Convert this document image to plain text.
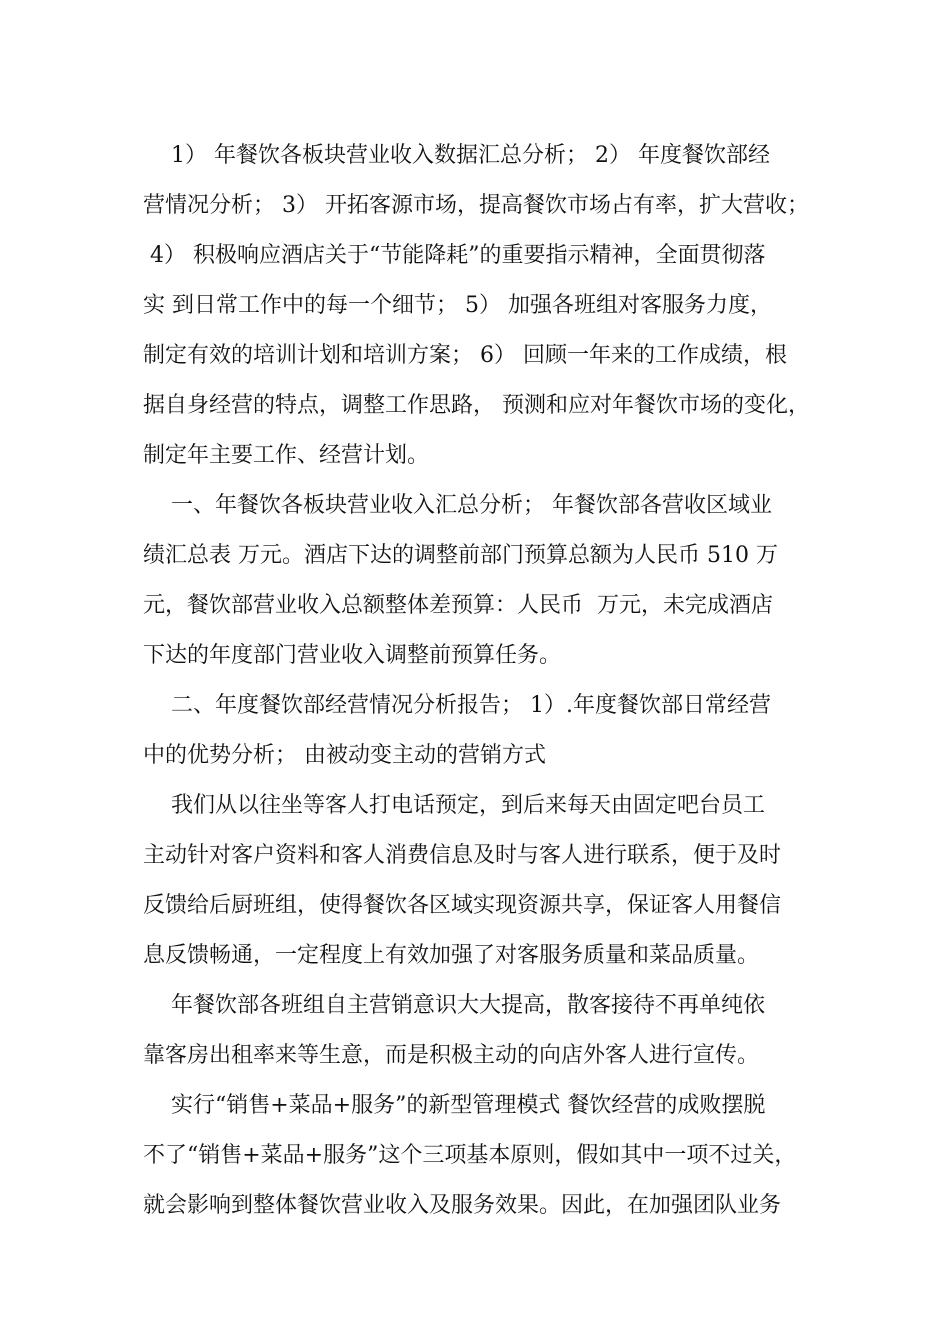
1） 年餐饮各板块营业收入数据汇总分析； 2） 年度餐饮部经
营情况分析； 3） 开拓客源市场，提高餐饮市场占有率，扩大营收；
4） 积极响应酒店关于“节能降耗”的重要指示精神，全面贯彻落
实 到日常工作中的每一个细节； 5） 加强各班组对客服务力度，
制定有效的培训计划和培训方案； 6） 回顾一年来的工作成绩，根
据自身经营的特点，调整工作思路， 预测和应对年餐饮市场的变化，
制定年主要工作、经营计划。
一、年餐饮各板块营业收入汇总分析； 年餐饮部各营收区域业
绩汇总表 万元。酒店下达的调整前部门预算总额为人民币 510 万
元，餐饮部营业收入总额整体差预算：人民币  万元，未完成酒店
下达的年度部门营业收入调整前预算任务。
二、年度餐饮部经营情况分析报告； 1）.年度餐饮部日常经营
中的优势分析； 由被动变主动的营销方式
我们从以往坐等客人打电话预定，到后来每天由固定吧台员工
主动针对客户资料和客人消费信息及时与客人进行联系，便于及时
反馈给后厨班组，使得餐饮各区域实现资源共享，保证客人用餐信
息反馈畅通，一定程度上有效加强了对客服务质量和菜品质量。
年餐饮部各班组自主营销意识大大提高，散客接待不再单纯依
靠客房出租率来等生意，而是积极主动的向店外客人进行宣传。
实行“销售+菜品+服务”的新型管理模式 餐饮经营的成败摆脱
不了“销售+菜品+服务”这个三项基本原则，假如其中一项不过关，
就会影响到整体餐饮营业收入及服务效果。因此，在加强团队业务
